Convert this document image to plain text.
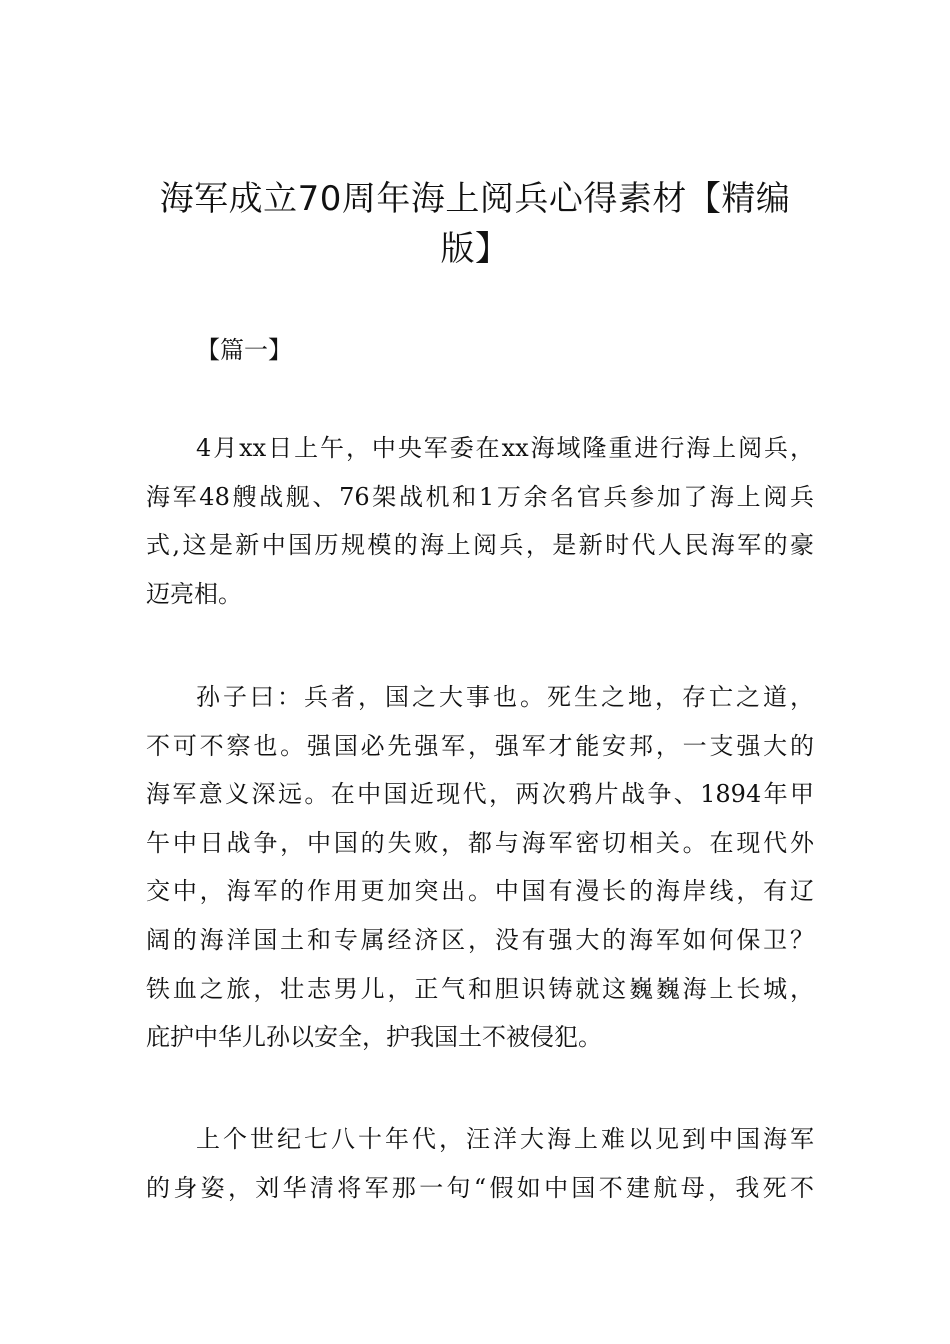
海军成立70周年海上阅兵心得素材【精编版】
【篇一】
4月xx日上午，中央军委在xx海域隆重进行海上阅兵，
海军48艘战舰、76架战机和1万余名官兵参加了海上阅兵
式,这是新中国历规模的海上阅兵，是新时代人民海军的豪
迈亮相。
孙子曰：兵者，国之大事也。死生之地，存亡之道，
不可不察也。强国必先强军，强军才能安邦，一支强大的
海军意义深远。在中国近现代，两次鸦片战争、1894年甲
午中日战争，中国的失败，都与海军密切相关。在现代外
交中，海军的作用更加突出。中国有漫长的海岸线，有辽
阔的海洋国土和专属经济区，没有强大的海军如何保卫？
铁血之旅，壮志男儿，正气和胆识铸就这巍巍海上长城，
庇护中华儿孙以安全，护我国土不被侵犯。
上个世纪七八十年代，汪洋大海上难以见到中国海军
的身姿，刘华清将军那一句“假如中国不建航母，我死不
